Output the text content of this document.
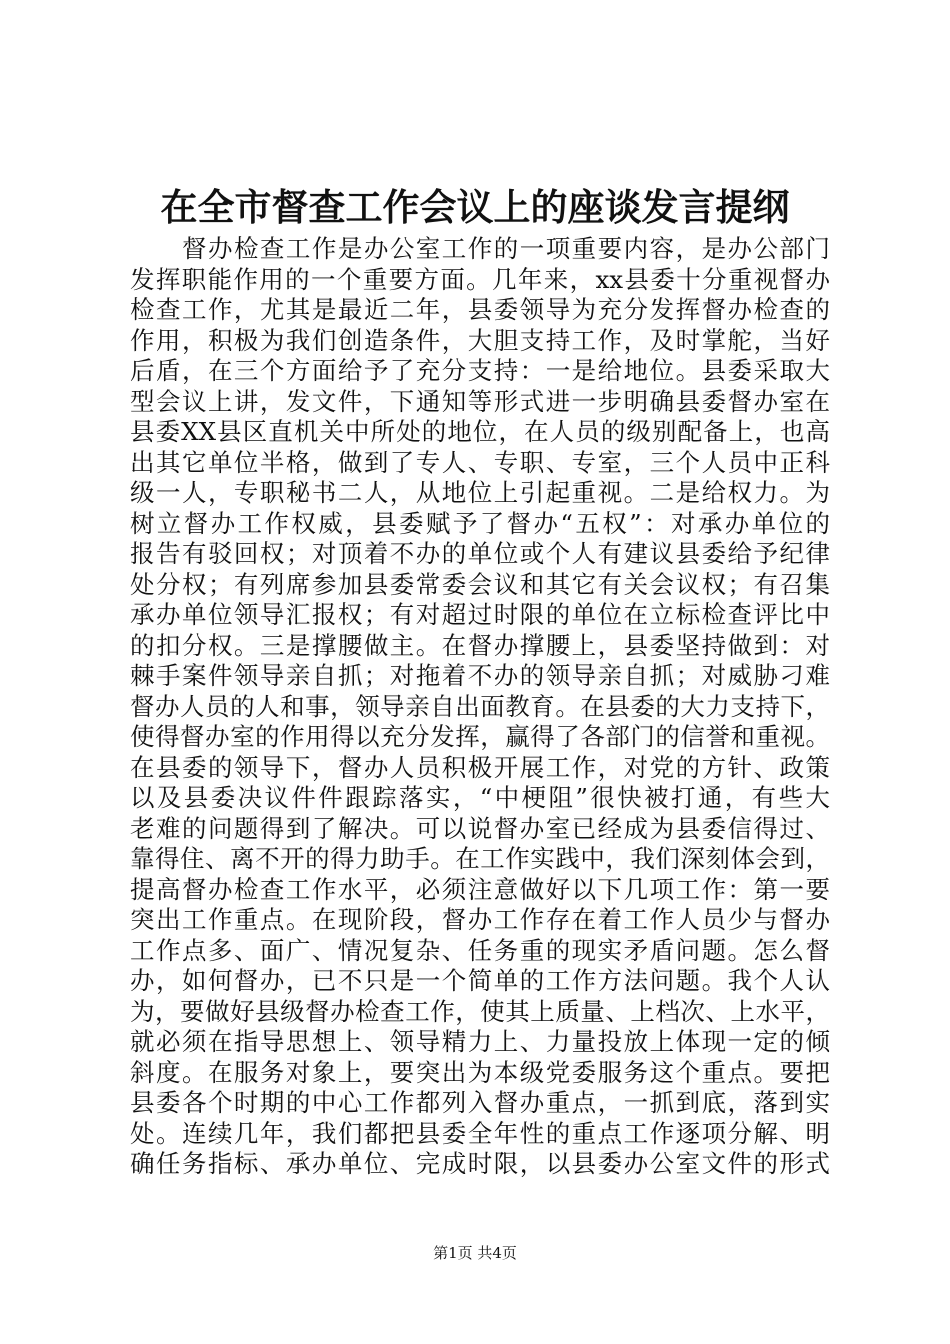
在全市督查工作会议上的座谈发言提纲
督办检查工作是办公室工作的一项重要内容，是办公部门
发挥职能作用的一个重要方面。几年来，xx县委十分重视督办
检查工作，尤其是最近二年，县委领导为充分发挥督办检查的
作用，积极为我们创造条件，大胆支持工作，及时掌舵，当好
后盾，在三个方面给予了充分支持：一是给地位。县委采取大
型会议上讲，发文件，下通知等形式进一步明确县委督办室在
县委XX县区直机关中所处的地位，在人员的级别配备上，也高
出其它单位半格，做到了专人、专职、专室，三个人员中正科
级一人，专职秘书二人，从地位上引起重视。二是给权力。为
树立督办工作权威，县委赋予了督办“五权”：对承办单位的
报告有驳回权；对顶着不办的单位或个人有建议县委给予纪律
处分权；有列席参加县委常委会议和其它有关会议权；有召集
承办单位领导汇报权；有对超过时限的单位在立标检查评比中
的扣分权。三是撑腰做主。在督办撑腰上，县委坚持做到：对
棘手案件领导亲自抓；对拖着不办的领导亲自抓；对威胁刁难
督办人员的人和事，领导亲自出面教育。在县委的大力支持下，
使得督办室的作用得以充分发挥，赢得了各部门的信誉和重视。
在县委的领导下，督办人员积极开展工作，对党的方针、政策
以及县委决议件件跟踪落实，“中梗阻”很快被打通，有些大
老难的问题得到了解决。可以说督办室已经成为县委信得过、
靠得住、离不开的得力助手。在工作实践中，我们深刻体会到，
提高督办检查工作水平，必须注意做好以下几项工作：第一要
突出工作重点。在现阶段，督办工作存在着工作人员少与督办
工作点多、面广、情况复杂、任务重的现实矛盾问题。怎么督
办，如何督办，已不只是一个简单的工作方法问题。我个人认
为，要做好县级督办检查工作，使其上质量、上档次、上水平，
就必须在指导思想上、领导精力上、力量投放上体现一定的倾
斜度。在服务对象上，要突出为本级党委服务这个重点。要把
县委各个时期的中心工作都列入督办重点，一抓到底，落到实
处。连续几年，我们都把县委全年性的重点工作逐项分解、明
确任务指标、承办单位、完成时限，以县委办公室文件的形式
第1页 共4页
